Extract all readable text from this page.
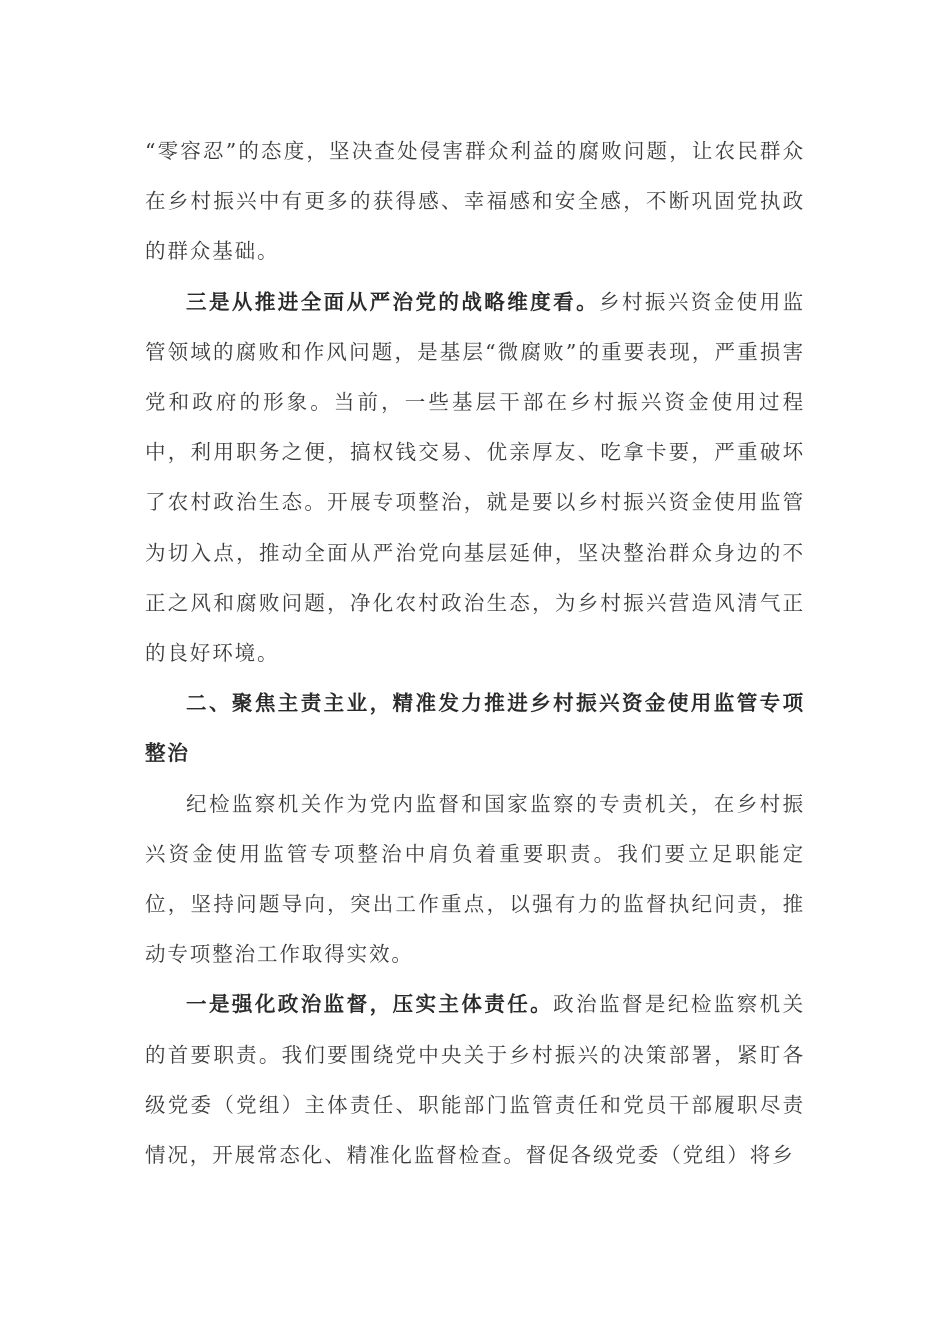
“零容忍”的态度，坚决查处侵害群众利益的腐败问题，让农民群众在乡村振兴中有更多的获得感、幸福感和安全感，不断巩固党执政的群众基础。

三是从推进全面从严治党的战略维度看。乡村振兴资金使用监管领域的腐败和作风问题，是基层“微腐败”的重要表现，严重损害党和政府的形象。当前，一些基层干部在乡村振兴资金使用过程中，利用职务之便，搞权钱交易、优亲厚友、吃拿卡要，严重破坏了农村政治生态。开展专项整治，就是要以乡村振兴资金使用监管为切入点，推动全面从严治党向基层延伸，坚决整治群众身边的不正之风和腐败问题，净化农村政治生态，为乡村振兴营造风清气正的良好环境。

二、聚焦主责主业，精准发力推进乡村振兴资金使用监管专项整治

纪检监察机关作为党内监督和国家监察的专责机关，在乡村振兴资金使用监管专项整治中肩负着重要职责。我们要立足职能定位，坚持问题导向，突出工作重点，以强有力的监督执纪问责，推动专项整治工作取得实效。

一是强化政治监督，压实主体责任。政治监督是纪检监察机关的首要职责。我们要围绕党中央关于乡村振兴的决策部署，紧盯各级党委（党组）主体责任、职能部门监管责任和党员干部履职尽责情况，开展常态化、精准化监督检查。督促各级党委（党组）将乡
